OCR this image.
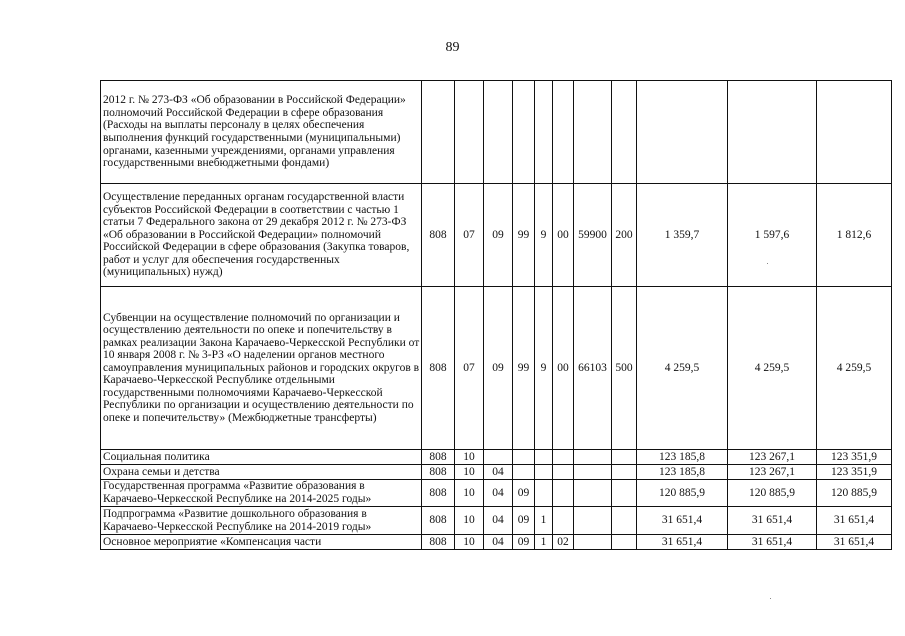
89
2012 г. № 273-ФЗ «Об образовании в Российской Федерации» полномочий Российской Федерации в сфере образования (Расходы на выплаты персоналу в целях обеспечения выполнения функций государственными (муниципальными) органами, казенными учреждениями, органами управления государственными внебюджетными фондами)											
Осуществление переданных органам государственной власти субъектов Российской Федерации в соответствии с частью 1 статьи 7 Федерального закона от 29 декабря 2012 г. № 273-ФЗ «Об образовании в Российской Федерации» полномочий Российской Федерации в сфере образования (Закупка товаров, работ и услуг для обеспечения государственных (муниципальных) нужд)	808	07	09	99	9	00	59900	200	1 359,7	1 597,6	1 812,6
Субвенции на осуществление полномочий по организации и осуществлению деятельности по опеке и попечительству в рамках реализации Закона Карачаево-Черкесской Республики от 10 января 2008 г. № 3-РЗ «О наделении органов местного самоуправления муниципальных районов и городских округов в Карачаево-Черкесской Республике отдельными государственными полномочиями Карачаево-Черкесской Республики по организации и осуществлению деятельности по опеке и попечительству» (Межбюджетные трансферты)	808	07	09	99	9	00	66103	500	4 259,5	4 259,5	4 259,5
Социальная политика	808	10							123 185,8	123 267,1	123 351,9
Охрана семьи и детства	808	10	04						123 185,8	123 267,1	123 351,9
Государственная программа «Развитие образования в Карачаево-Черкесской Республике на 2014-2025 годы»	808	10	04	09					120 885,9	120 885,9	120 885,9
Подпрограмма «Развитие дошкольного образования в Карачаево-Черкесской Республике на 2014-2019 годы»	808	10	04	09	1				31 651,4	31 651,4	31 651,4
Основное мероприятие «Компенсация части	808	10	04	09	1	02			31 651,4	31 651,4	31 651,4
